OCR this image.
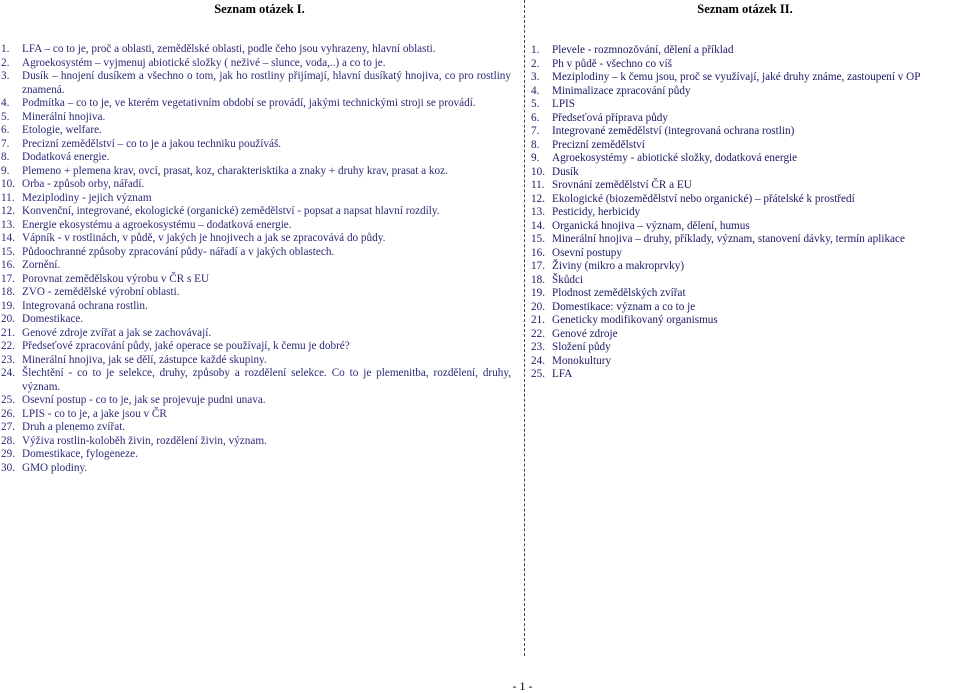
Seznam otázek I.
1.	LFA – co to je, proč a oblasti, zemědělské oblasti, podle čeho jsou vyhrazeny, hlavní oblasti.
2.	Agroekosystém – vyjmenuj abiotické složky ( neživé – slunce, voda,..) a co to je.
3.	Dusík – hnojení dusíkem a všechno o tom, jak ho rostliny přijímají, hlavní dusíkatý hnojiva, co pro rostliny znamená.
4.	Podmítka – co to je, ve kterém vegetativním období se provádí, jakými technickými stroji se provádí.
5.	Minerální hnojiva.
6.	Etologie, welfare.
7.	Precizní zemědělství – co to je a jakou techniku používáš.
8.	Dodatková energie.
9.	Plemeno + plemena krav, ovcí, prasat, koz, charakterisktika a znaky + druhy krav, prasat a koz.
10. Orba - způsob orby, nářadí.
11. Meziplodiny - jejich význam
12. Konvenční, integrované, ekologické (organické) zemědělství - popsat a napsat hlavní rozdíly.
13. Energie ekosystému a agroekosystému – dodatková energie.
14. Vápník - v rostlinách, v půdě, v jakých je hnojivech a jak se zpracovává do půdy.
15. Půdoochranné způsoby zpracování půdy- nářadí a v jakých oblastech.
16. Zornění.
17. Porovnat zemědělskou výrobu v ČR s EU
18. ZVO - zemědělské výrobní oblasti.
19. Integrovaná ochrana rostlin.
20. Domestikace.
21. Genové zdroje zvířat a jak se zachovávají.
22. Předseťové zpracování půdy, jaké operace se používají, k čemu je dobré?
23. Minerální hnojiva, jak se dělí, zástupce každé skupiny.
24. Šlechtění - co to je selekce, druhy, způsoby a rozdělení selekce. Co to je plemenitba, rozdělení, druhy, význam.
25. Osevní postup - co to je, jak se projevuje pudni unava.
26. LPIS - co to je, a jake jsou v ČR
27. Druh a plenemo zvířat.
28. Výživa rostlin-koloběh živin, rozdělení živin, význam.
29. Domestikace, fylogeneze.
30. GMO plodiny.
Seznam otázek II.
1.	Plevele - rozmnozǒvání, dělení a příklad
2.	Ph v půdě - všechno co víš
3.	Meziplodiny – k čemu jsou, proč se využívají, jaké druhy známe, zastoupení v OP
4.	Minimalizace zpracování půdy
5.	LPIS
6.	Předseťová příprava půdy
7.	Integrované zemědělství (integrovaná ochrana rostlin)
8.	Precizní zemědělství
9.	Agroekosystémy - abiotické složky, dodatková energie
10. Dusík
11. Srovnání zemědělství ČR a EU
12. Ekologické (biozemědělství nebo organické) – přátelské k prostředí
13. Pesticidy, herbicidy
14. Organická hnojiva – význam, dělení, humus
15. Minerální hnojiva – druhy, příklady, význam, stanovení dávky, termín aplikace
16. Osevní postupy
17. Živiny (mikro a makroprvky)
18. Škůdci
19. Plodnost zemědělských zvířat
20. Domestikace: význam a co to je
21. Geneticky modifikovaný organismus
22. Genové zdroje
23. Složení půdy
24. Monokultury
25. LFA
- 1 -
